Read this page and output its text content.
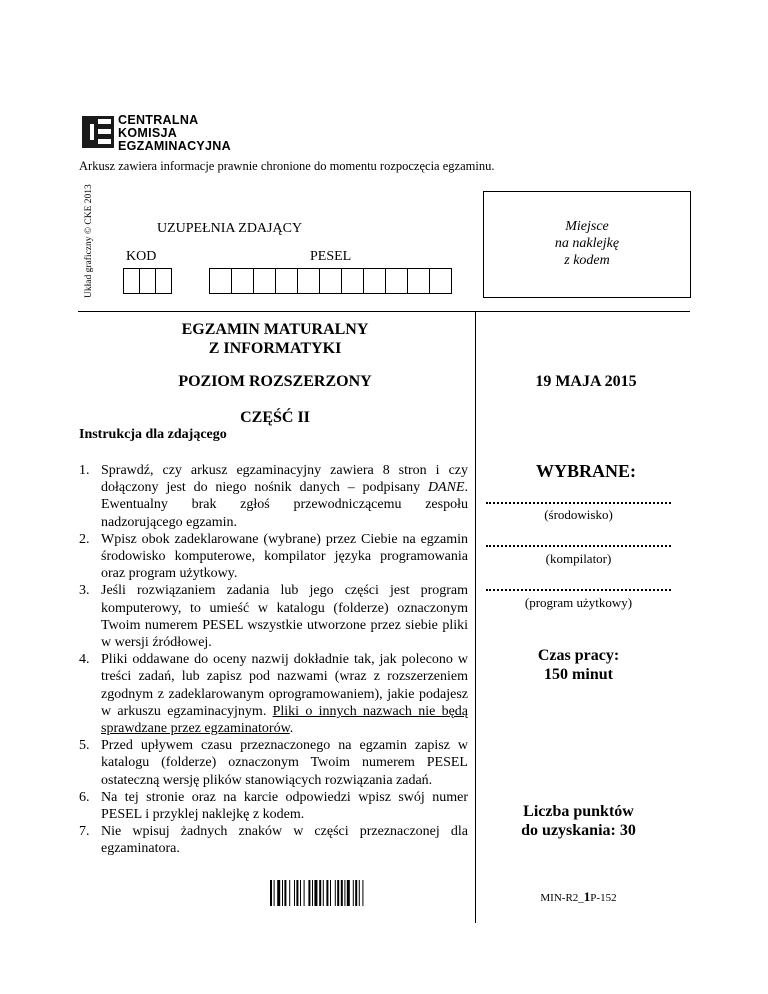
CENTRALNA
KOMISJA
EGZAMINACYJNA
Arkusz zawiera informacje prawnie chronione do momentu rozpoczęcia egzaminu.
Układ graficzny © CKE 2013	UZUPEŁNIA ZDAJĄCY
KOD	PESEL
Miejsce
na naklejkę
z kodem
EGZAMIN MATURALNY
Z INFORMATYKI
POZIOM ROZSZERZONY	19 MAJA 2015
CZĘŚĆ II
Instrukcja dla zdającego
1. Sprawdź, czy arkusz egzaminacyjny zawiera 8 stron i czy dołączony jest do niego nośnik danych – podpisany DANE. Ewentualny brak zgłoś przewodniczącemu zespołu nadzorującego egzamin.
2. Wpisz obok zadeklarowane (wybrane) przez Ciebie na egzamin środowisko komputerowe, kompilator języka programowania oraz program użytkowy.
3. Jeśli rozwiązaniem zadania lub jego części jest program komputerowy, to umieść w katalogu (folderze) oznaczonym Twoim numerem PESEL wszystkie utworzone przez siebie pliki w wersji źródłowej.
4. Pliki oddawane do oceny nazwij dokładnie tak, jak polecono w treści zadań, lub zapisz pod nazwami (wraz z rozszerzeniem zgodnym z zadeklarowanym oprogramowaniem), jakie podajesz w arkuszu egzaminacyjnym. Pliki o innych nazwach nie będą sprawdzane przez egzaminatorów.
5. Przed upływem czasu przeznaczonego na egzamin zapisz w katalogu (folderze) oznaczonym Twoim numerem PESEL ostateczną wersję plików stanowiących rozwiązania zadań.
6. Na tej stronie oraz na karcie odpowiedzi wpisz swój numer PESEL i przyklej naklejkę z kodem.
7. Nie wpisuj żadnych znaków w części przeznaczonej dla egzaminatora.
WYBRANE:
(środowisko)
(kompilator)
(program użytkowy)
Czas pracy:
150 minut
Liczba punktów
do uzyskania: 30
MIN-R2_1P-152
